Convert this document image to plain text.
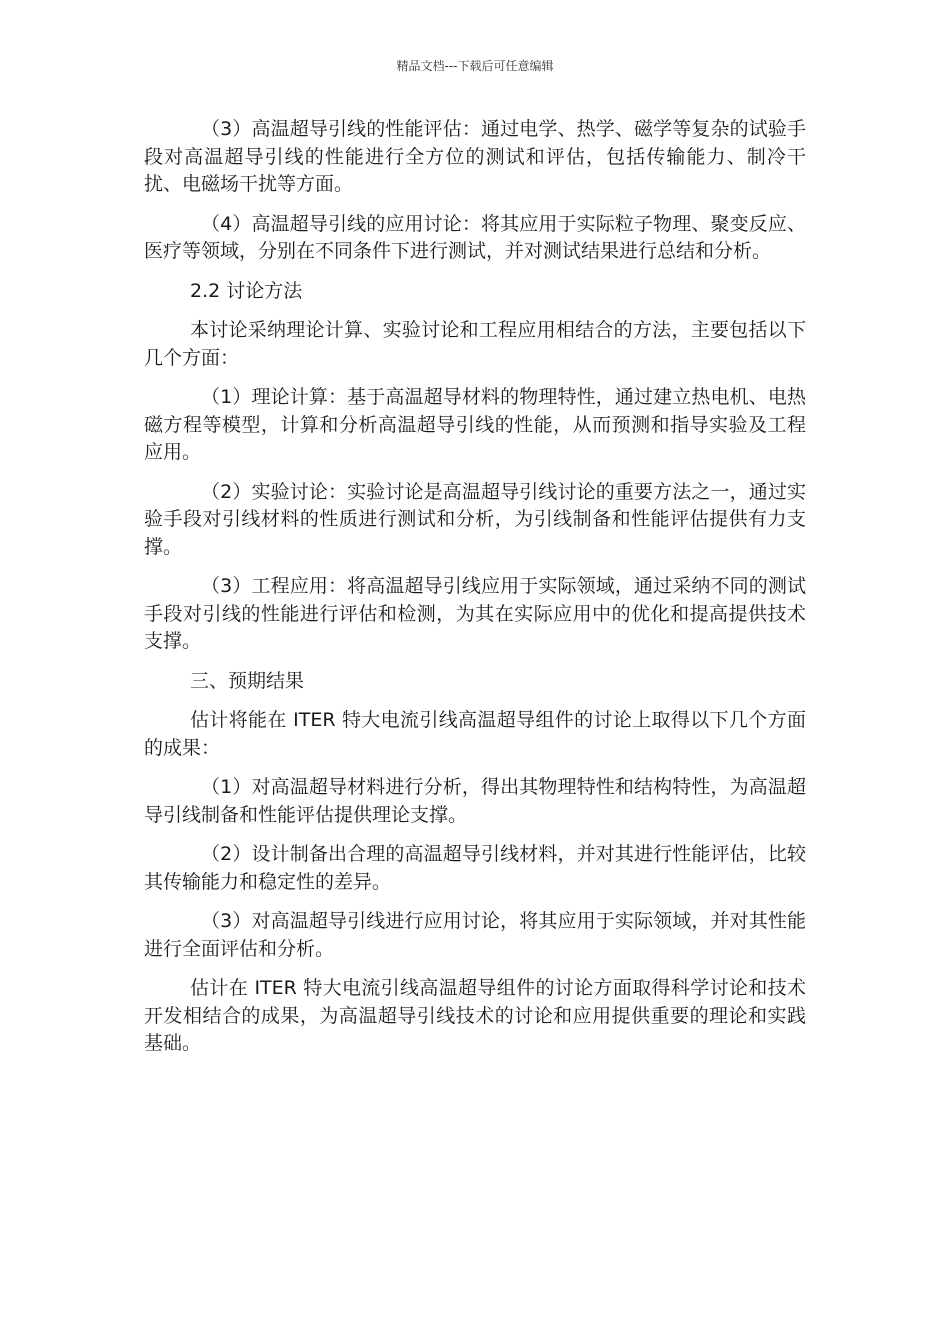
精品文档---下载后可任意编辑

（3）高温超导引线的性能评估：通过电学、热学、磁学等复杂的试验手段对高温超导引线的性能进行全方位的测试和评估，包括传输能力、制冷干扰、电磁场干扰等方面。

（4）高温超导引线的应用讨论：将其应用于实际粒子物理、聚变反应、医疗等领域，分别在不同条件下进行测试，并对测试结果进行总结和分析。

2.2 讨论方法

本讨论采纳理论计算、实验讨论和工程应用相结合的方法，主要包括以下几个方面：

（1）理论计算：基于高温超导材料的物理特性，通过建立热电机、电热磁方程等模型，计算和分析高温超导引线的性能，从而预测和指导实验及工程应用。

（2）实验讨论：实验讨论是高温超导引线讨论的重要方法之一，通过实验手段对引线材料的性质进行测试和分析，为引线制备和性能评估提供有力支撑。

（3）工程应用：将高温超导引线应用于实际领域，通过采纳不同的测试手段对引线的性能进行评估和检测，为其在实际应用中的优化和提高提供技术支撑。

三、预期结果

估计将能在 ITER 特大电流引线高温超导组件的讨论上取得以下几个方面的成果：

（1）对高温超导材料进行分析，得出其物理特性和结构特性，为高温超导引线制备和性能评估提供理论支撑。

（2）设计制备出合理的高温超导引线材料，并对其进行性能评估，比较其传输能力和稳定性的差异。

（3）对高温超导引线进行应用讨论，将其应用于实际领域，并对其性能进行全面评估和分析。

估计在 ITER 特大电流引线高温超导组件的讨论方面取得科学讨论和技术开发相结合的成果，为高温超导引线技术的讨论和应用提供重要的理论和实践基础。
